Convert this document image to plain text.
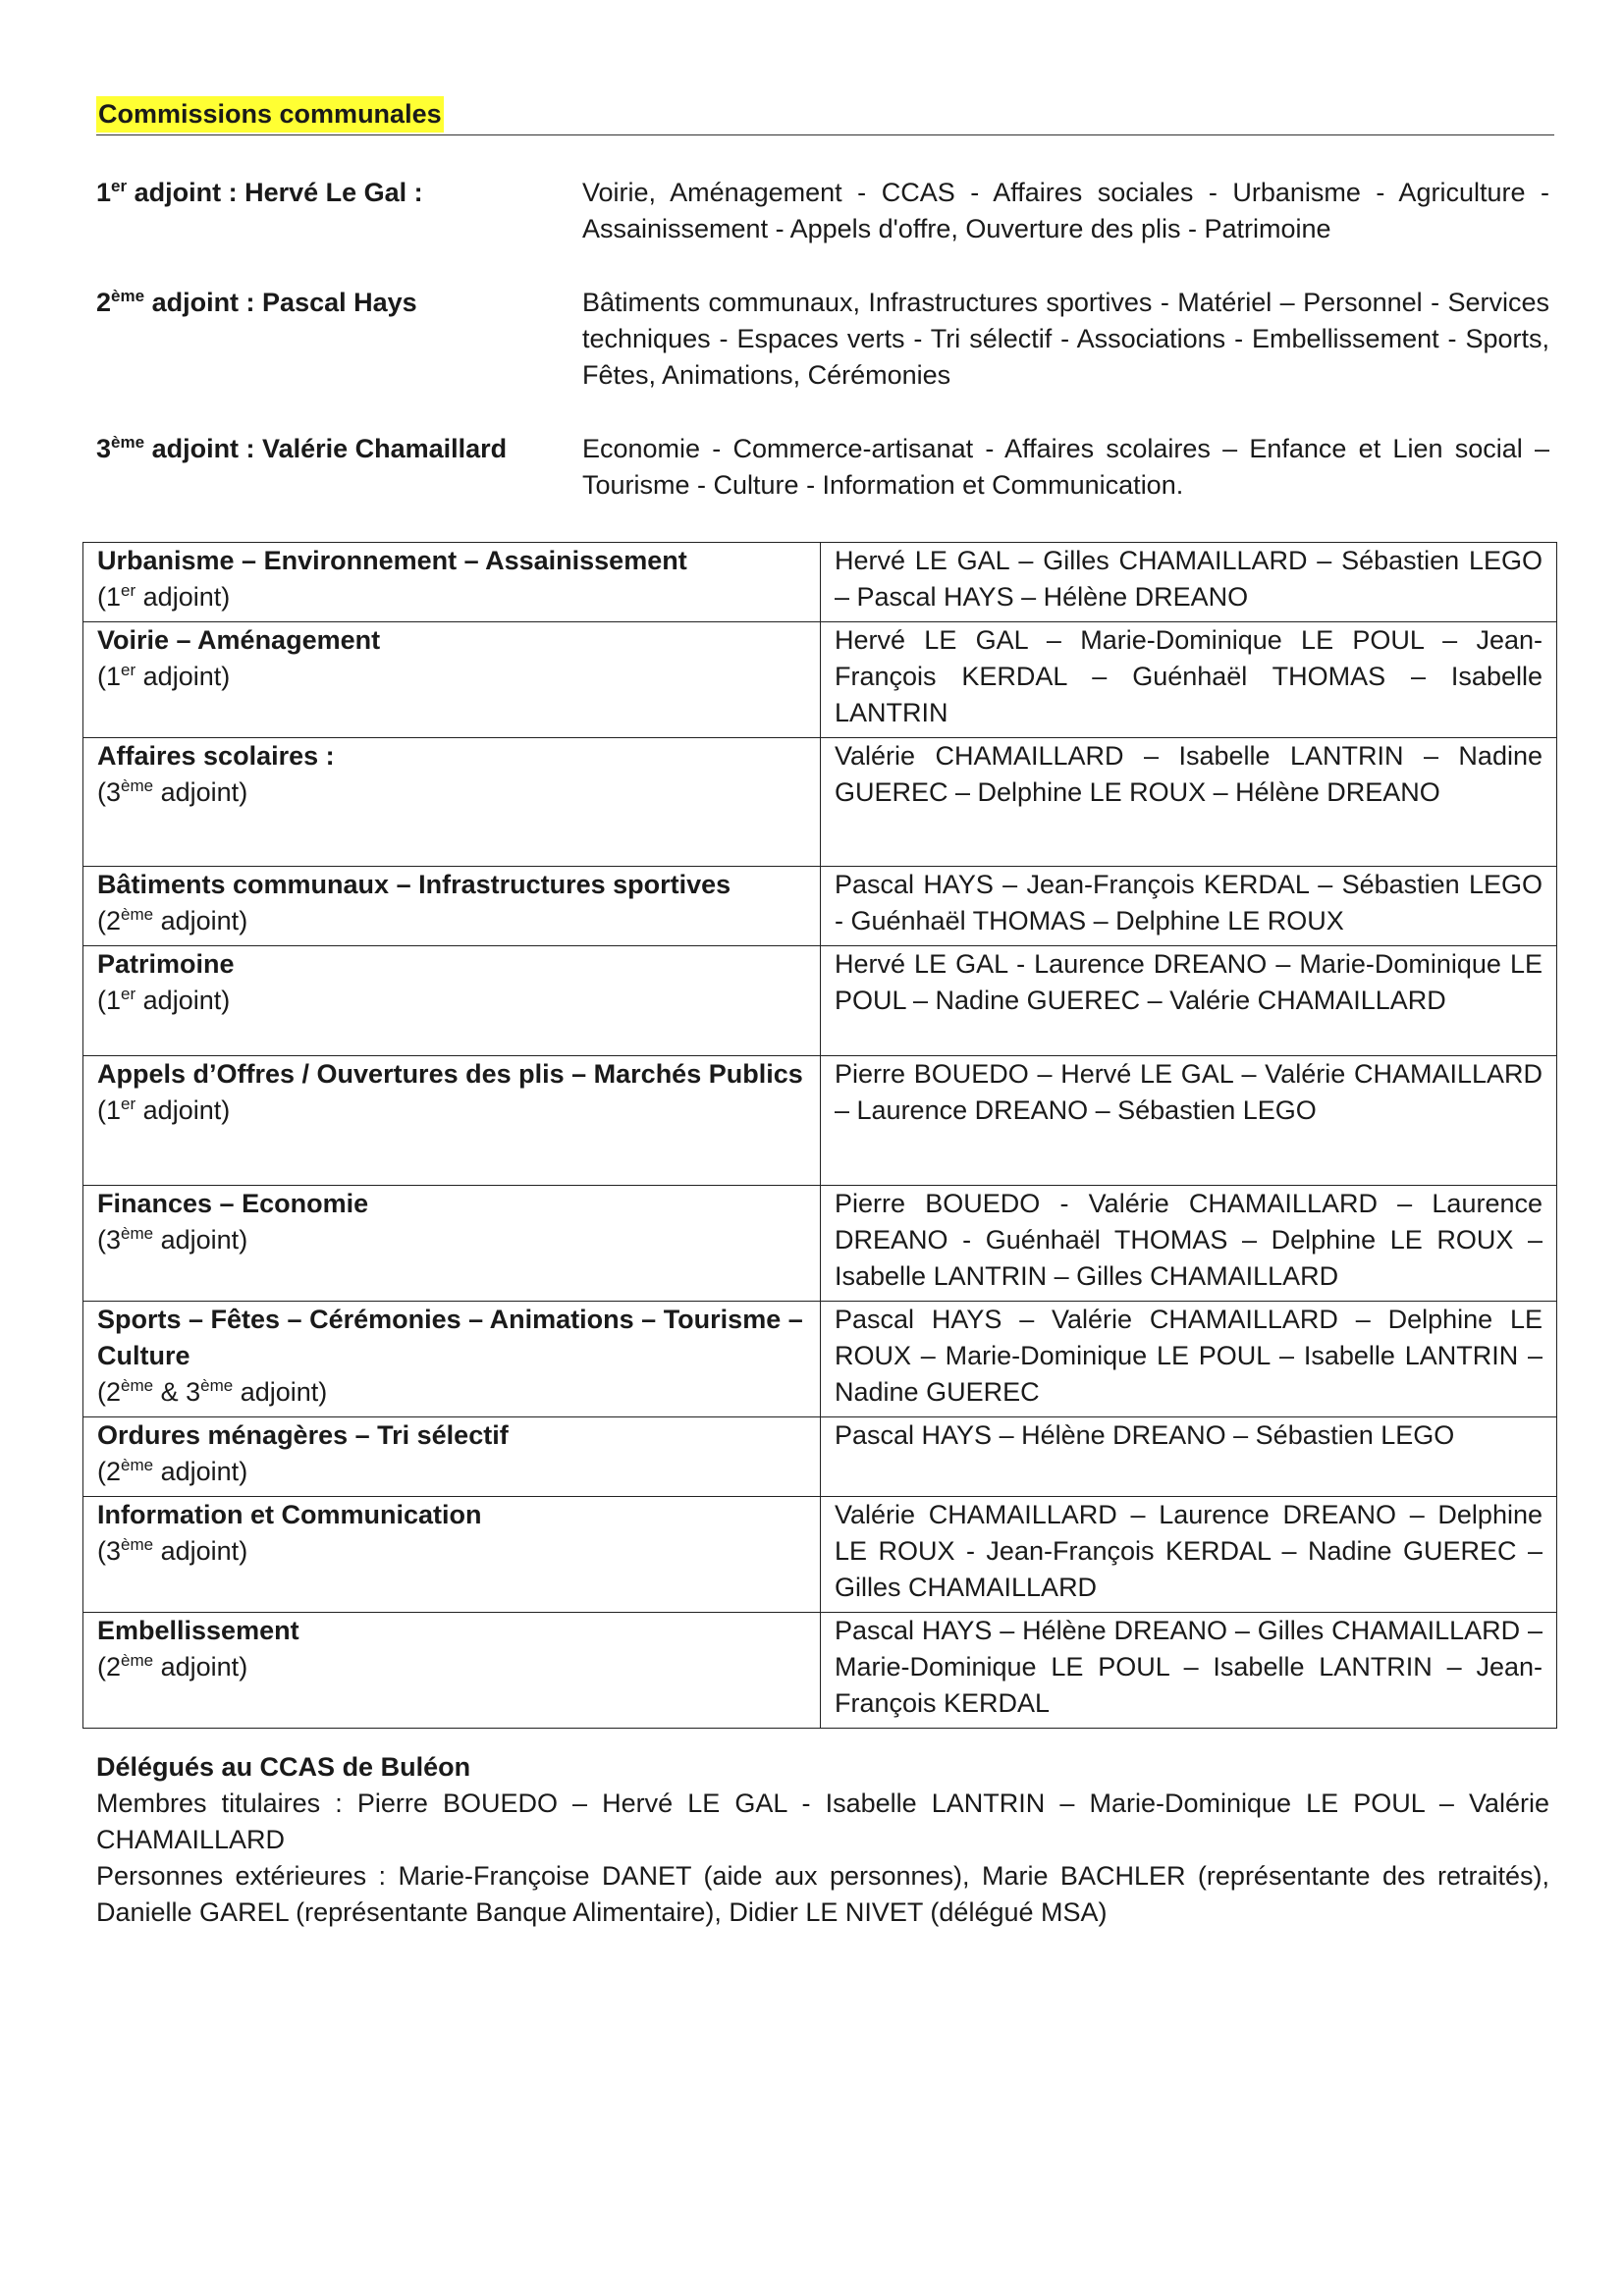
Commissions communales
1er adjoint : Hervé Le Gal :	Voirie, Aménagement - CCAS - Affaires sociales - Urbanisme - Agriculture - Assainissement - Appels d'offre, Ouverture des plis - Patrimoine
2ème adjoint : Pascal Hays	Bâtiments communaux, Infrastructures sportives - Matériel – Personnel - Services techniques - Espaces verts - Tri sélectif - Associations - Embellissement - Sports, Fêtes, Animations, Cérémonies
3ème adjoint : Valérie Chamaillard	Economie - Commerce-artisanat - Affaires scolaires – Enfance et Lien social – Tourisme - Culture - Information et Communication.
Urbanisme – Environnement – Assainissement
(1er adjoint)	Hervé LE GAL – Gilles CHAMAILLARD – Sébastien LEGO – Pascal HAYS – Hélène DREANO

Voirie – Aménagement
(1er adjoint)	Hervé LE GAL – Marie-Dominique LE POUL – Jean-François KERDAL – Guénhaël THOMAS – Isabelle LANTRIN

Affaires scolaires :
(3ème adjoint)	Valérie CHAMAILLARD – Isabelle LANTRIN – Nadine GUEREC – Delphine LE ROUX – Hélène DREANO

Bâtiments communaux – Infrastructures sportives
(2ème adjoint)	Pascal HAYS – Jean-François KERDAL – Sébastien LEGO - Guénhaël THOMAS – Delphine LE ROUX

Patrimoine
(1er adjoint)	Hervé LE GAL - Laurence DREANO – Marie-Dominique LE POUL – Nadine GUEREC – Valérie CHAMAILLARD

Appels d’Offres / Ouvertures des plis – Marchés Publics
(1er adjoint)	Pierre BOUEDO – Hervé LE GAL – Valérie CHAMAILLARD – Laurence DREANO – Sébastien LEGO

Finances – Economie
(3ème adjoint)	Pierre BOUEDO - Valérie CHAMAILLARD – Laurence DREANO - Guénhaël THOMAS – Delphine LE ROUX – Isabelle LANTRIN – Gilles CHAMAILLARD

Sports – Fêtes – Cérémonies – Animations – Tourisme – Culture
(2ème & 3ème adjoint)	Pascal HAYS – Valérie CHAMAILLARD – Delphine LE ROUX – Marie-Dominique LE POUL – Isabelle LANTRIN – Nadine GUEREC

Ordures ménagères – Tri sélectif
(2ème adjoint)	Pascal HAYS – Hélène DREANO – Sébastien LEGO

Information et Communication
(3ème adjoint)	Valérie CHAMAILLARD – Laurence DREANO – Delphine LE ROUX - Jean-François KERDAL – Nadine GUEREC – Gilles CHAMAILLARD

Embellissement
(2ème adjoint)	Pascal HAYS – Hélène DREANO – Gilles CHAMAILLARD – Marie-Dominique LE POUL – Isabelle LANTRIN – Jean-François KERDAL
Délégués au CCAS de Buléon
Membres titulaires : Pierre BOUEDO – Hervé LE GAL - Isabelle LANTRIN – Marie-Dominique LE POUL – Valérie CHAMAILLARD
Personnes extérieures : Marie-Françoise DANET (aide aux personnes), Marie BACHLER (représentante des retraités), Danielle GAREL (représentante Banque Alimentaire), Didier LE NIVET (délégué MSA)
